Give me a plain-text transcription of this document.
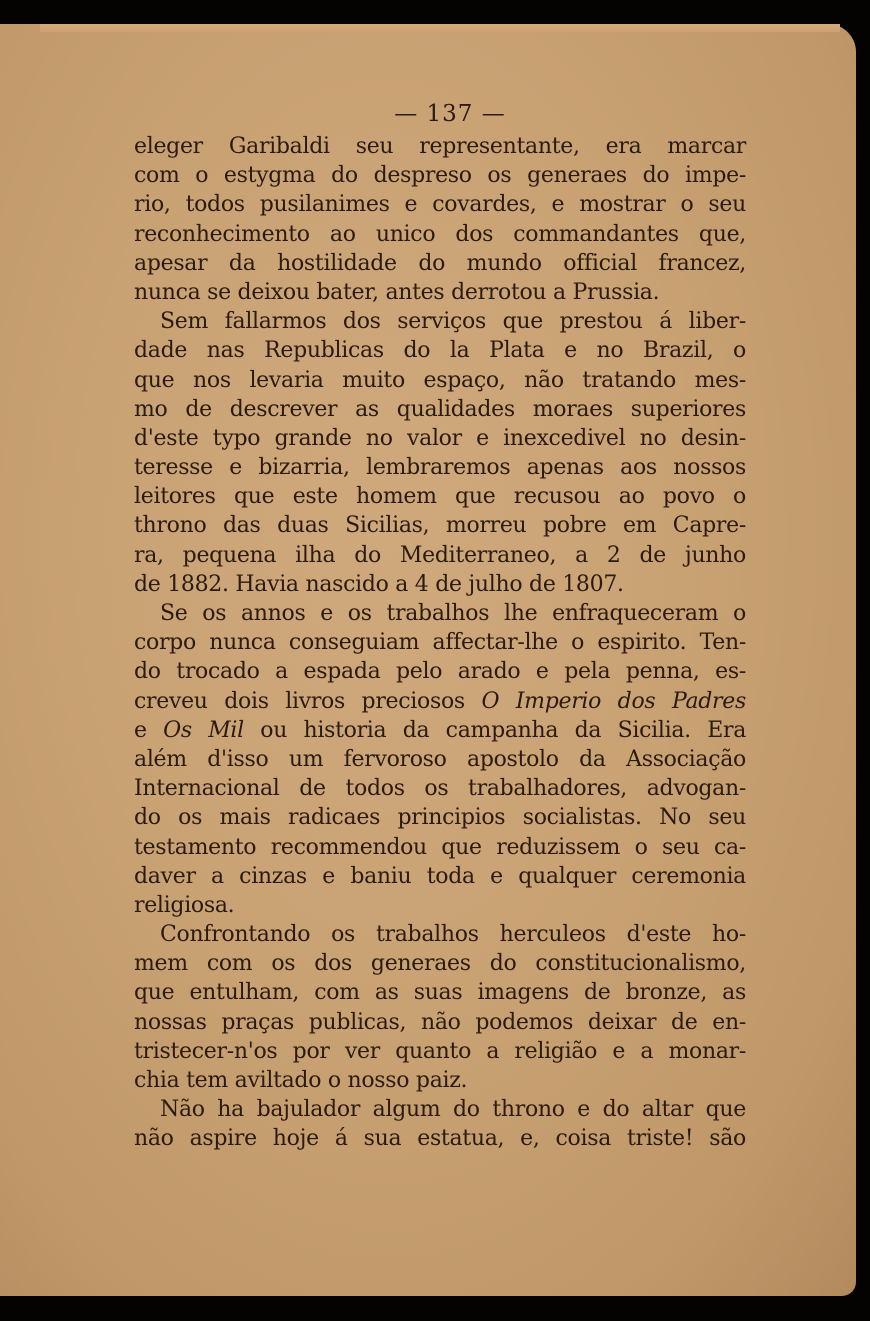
— 137 —
eleger Garibaldi seu representante, era marcar
com o estygma do despreso os generaes do impe-
rio, todos pusilanimes e covardes, e mostrar o seu
reconhecimento ao unico dos commandantes que,
apesar da hostilidade do mundo official francez,
nunca se deixou bater, antes derrotou a Prussia.
Sem fallarmos dos serviços que prestou á liber-
dade nas Republicas do la Plata e no Brazil, o
que nos levaria muito espaço, não tratando mes-
mo de descrever as qualidades moraes superiores
d'este typo grande no valor e inexcedivel no desin-
teresse e bizarria, lembraremos apenas aos nossos
leitores que este homem que recusou ao povo o
throno das duas Sicilias, morreu pobre em Capre-
ra, pequena ilha do Mediterraneo, a 2 de junho
de 1882. Havia nascido a 4 de julho de 1807.
Se os annos e os trabalhos lhe enfraqueceram o
corpo nunca conseguiam affectar-lhe o espirito. Ten-
do trocado a espada pelo arado e pela penna, es-
creveu dois livros preciosos O Imperio dos Padres
e Os Mil ou historia da campanha da Sicilia. Era
além d'isso um fervoroso apostolo da Associação
Internacional de todos os trabalhadores, advogan-
do os mais radicaes principios socialistas. No seu
testamento recommendou que reduzissem o seu ca-
daver a cinzas e baniu toda e qualquer ceremonia
religiosa.
Confrontando os trabalhos herculeos d'este ho-
mem com os dos generaes do constitucionalismo,
que entulham, com as suas imagens de bronze, as
nossas praças publicas, não podemos deixar de en-
tristecer-n'os por ver quanto a religião e a monar-
chia tem aviltado o nosso paiz.
Não ha bajulador algum do throno e do altar que
não aspire hoje á sua estatua, e, coisa triste! são
